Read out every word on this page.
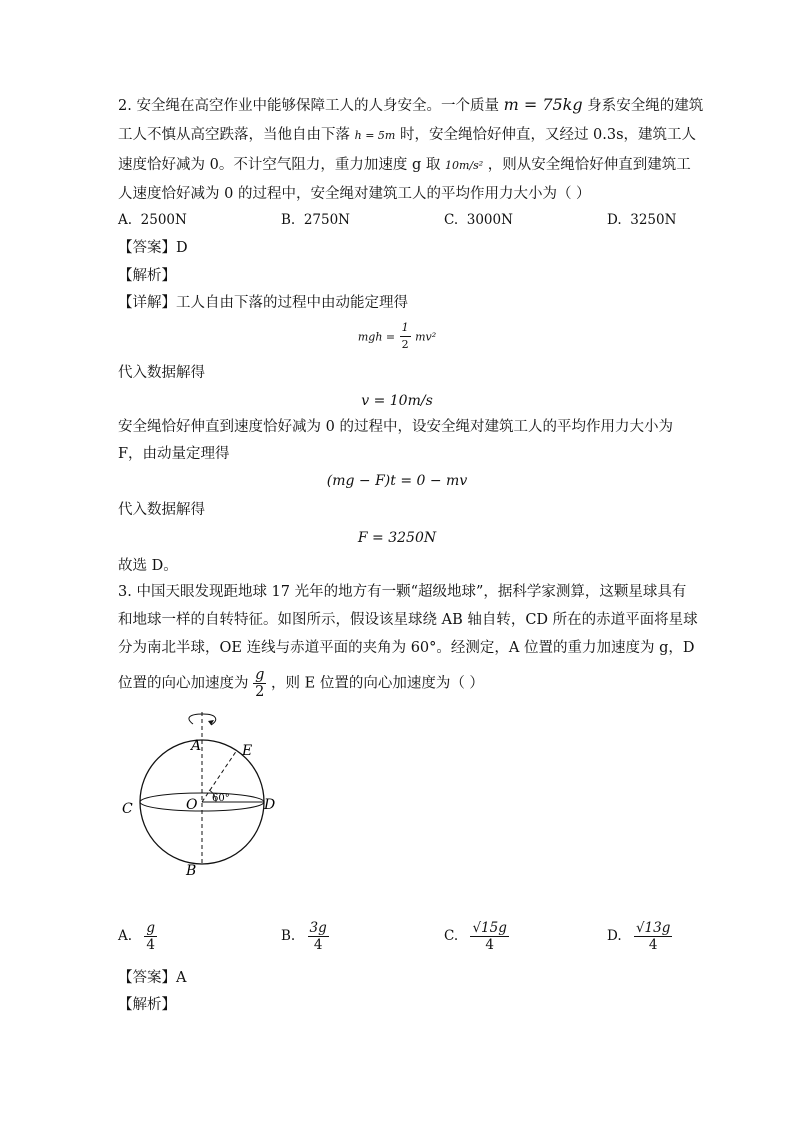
2. 安全绳在高空作业中能够保障工人的人身安全。一个质量 m = 75kg 身系安全绳的建筑
工人不慎从高空跌落，当他自由下落 h = 5m 时，安全绳恰好伸直，又经过 0.3s，建筑工人
速度恰好减为 0。不计空气阻力，重力加速度 g 取 10m/s² ，则从安全绳恰好伸直到建筑工
人速度恰好减为 0 的过程中，安全绳对建筑工人的平均作用力大小为（ ）
A. 2500N	B. 2750N	C. 3000N	D. 3250N
【答案】D
【解析】
【详解】工人自由下落的过程中由动能定理得
mgh = $\frac{1}{2} mv^2$
代入数据解得
v = 10m/s
安全绳恰好伸直到速度恰好减为 0 的过程中，设安全绳对建筑工人的平均作用力大小为
F，由动量定理得
(mg − F)t = 0 − mv
代入数据解得
F = 3250N
故选 D。
3. 中国天眼发现距地球 17 光年的地方有一颗“超级地球”，据科学家测算，这颗星球具有
和地球一样的自转特征。如图所示，假设该星球绕 AB 轴自转，CD 所在的赤道平面将星球
分为南北半球，OE 连线与赤道平面的夹角为 60°。经测定，A 位置的重力加速度为 g，D
位置的向心加速度为 $\frac{g}{2}$ ，则 E 位置的向心加速度为（ ）
A	E
C	O 60° D
B
A. $\frac{g}{4}$	B. $\frac{3g}{4}$	C. $\frac{√15g}{4}$	D. $\frac{√13g}{4}$
【答案】A
【解析】
